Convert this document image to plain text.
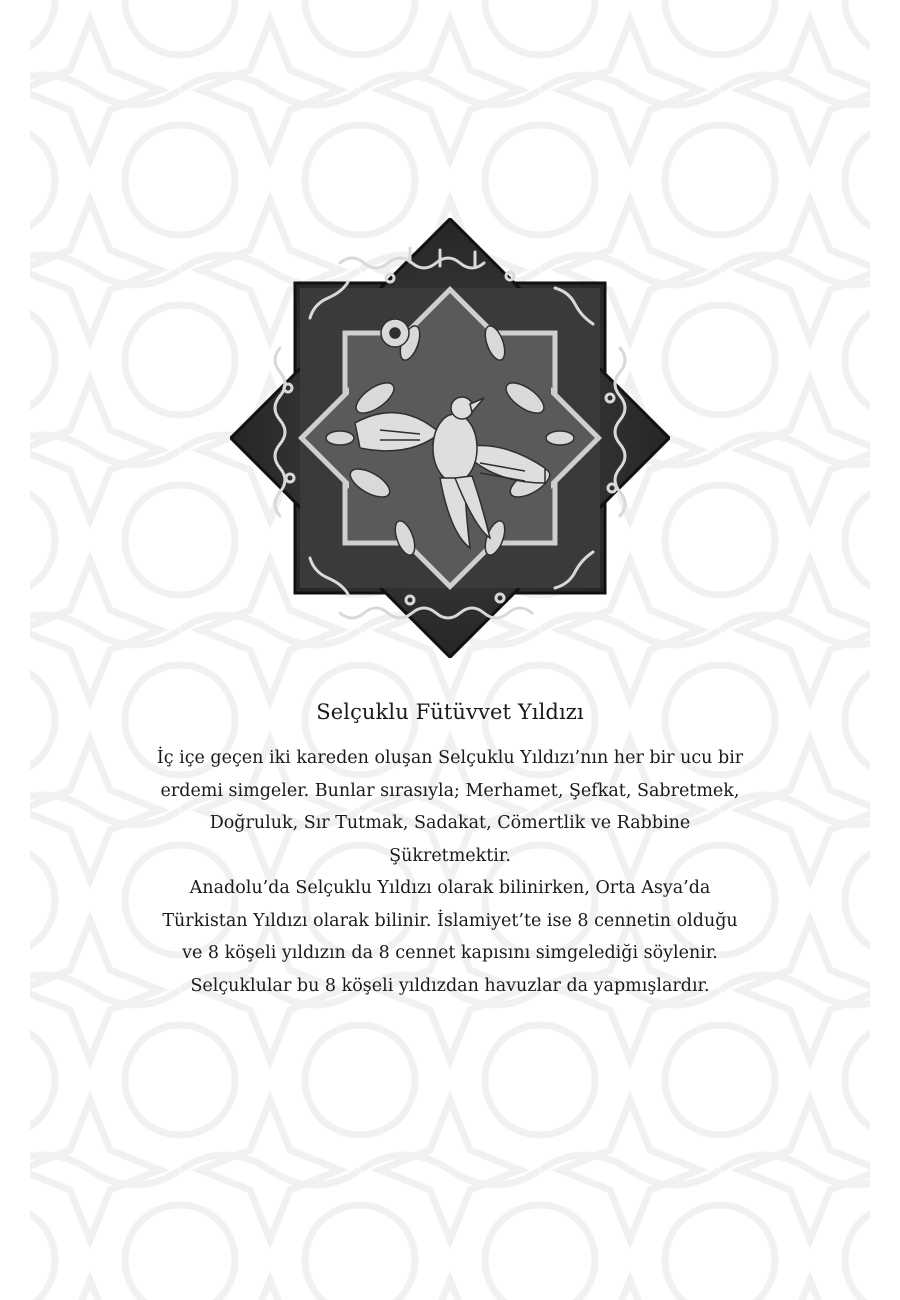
Selçuklu Fütüvvet Yıldızı

İç içe geçen iki kareden oluşan Selçuklu Yıldızı’nın her bir ucu bir erdemi simgeler. Bunlar sırasıyla; Merhamet, Şefkat, Sabretmek, Doğruluk, Sır Tutmak, Sadakat, Cömertlik ve Rabbine Şükretmektir.

Anadolu’da Selçuklu Yıldızı olarak bilinirken, Orta Asya’da Türkistan Yıldızı olarak bilinir. İslamiyet’te ise 8 cennetin olduğu ve 8 köşeli yıldızın da 8 cennet kapısını simgelediği söylenir.

Selçuklular bu 8 köşeli yıldızdan havuzlar da yapmışlardır.
